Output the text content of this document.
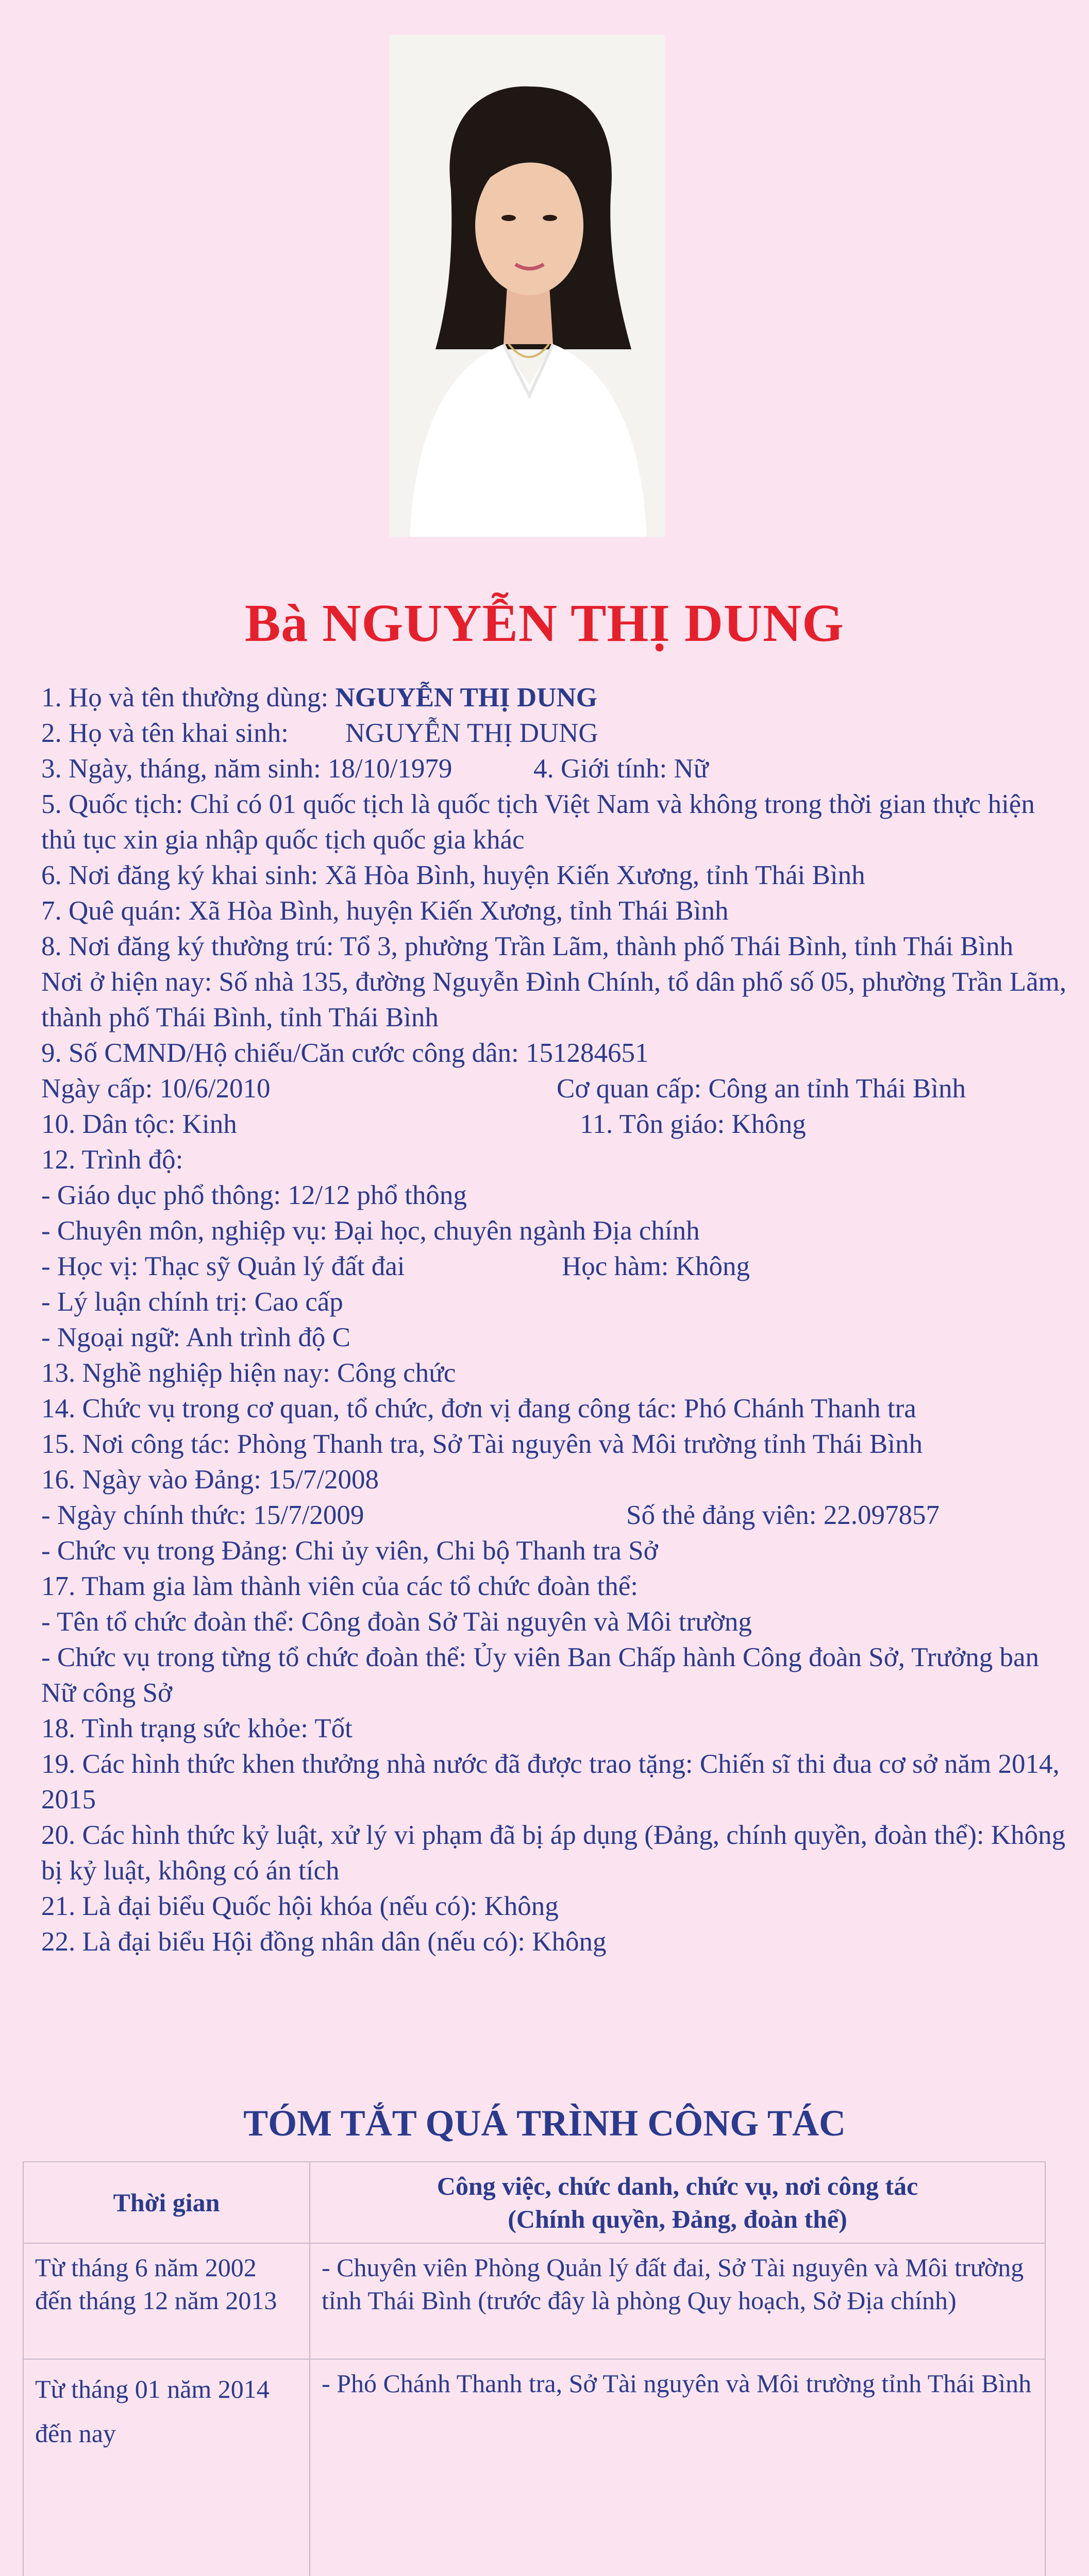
Bà NGUYỄN THỊ DUNG
1. Họ và tên thường dùng: NGUYỄN THỊ DUNG
2. Họ và tên khai sinh: NGUYỄN THỊ DUNG
3. Ngày, tháng, năm sinh: 18/10/1979	4. Giới tính: Nữ
5. Quốc tịch: Chỉ có 01 quốc tịch là quốc tịch Việt Nam và không trong thời gian thực hiện thủ tục xin gia nhập quốc tịch quốc gia khác
6. Nơi đăng ký khai sinh: Xã Hòa Bình, huyện Kiến Xương, tỉnh Thái Bình
7. Quê quán: Xã Hòa Bình, huyện Kiến Xương, tỉnh Thái Bình
8. Nơi đăng ký thường trú: Tổ 3, phường Trần Lãm, thành phố Thái Bình, tỉnh Thái Bình
Nơi ở hiện nay: Số nhà 135, đường Nguyễn Đình Chính, tổ dân phố số 05, phường Trần Lãm, thành phố Thái Bình, tỉnh Thái Bình
9. Số CMND/Hộ chiếu/Căn cước công dân: 151284651
Ngày cấp: 10/6/2010	Cơ quan cấp: Công an tỉnh Thái Bình
10. Dân tộc: Kinh	11. Tôn giáo: Không
12. Trình độ:
- Giáo dục phổ thông: 12/12 phổ thông
- Chuyên môn, nghiệp vụ: Đại học, chuyên ngành Địa chính
- Học vị: Thạc sỹ Quản lý đất đai	Học hàm: Không
- Lý luận chính trị: Cao cấp
- Ngoại ngữ: Anh trình độ C
13. Nghề nghiệp hiện nay: Công chức
14. Chức vụ trong cơ quan, tổ chức, đơn vị đang công tác: Phó Chánh Thanh tra
15. Nơi công tác: Phòng Thanh tra, Sở Tài nguyên và Môi trường tỉnh Thái Bình
16. Ngày vào Đảng: 15/7/2008
- Ngày chính thức: 15/7/2009	Số thẻ đảng viên: 22.097857
- Chức vụ trong Đảng: Chi ủy viên, Chi bộ Thanh tra Sở
17. Tham gia làm thành viên của các tổ chức đoàn thể:
- Tên tổ chức đoàn thể: Công đoàn Sở Tài nguyên và Môi trường
- Chức vụ trong từng tổ chức đoàn thể: Ủy viên Ban Chấp hành Công đoàn Sở, Trưởng ban Nữ công Sở
18. Tình trạng sức khỏe: Tốt
19. Các hình thức khen thưởng nhà nước đã được trao tặng: Chiến sĩ thi đua cơ sở năm 2014, 2015
20. Các hình thức kỷ luật, xử lý vi phạm đã bị áp dụng (Đảng, chính quyền, đoàn thể): Không bị kỷ luật, không có án tích
21. Là đại biểu Quốc hội khóa (nếu có): Không
22. Là đại biểu Hội đồng nhân dân (nếu có): Không
TÓM TẮT QUÁ TRÌNH CÔNG TÁC
Thời gian	Công việc, chức danh, chức vụ, nơi công tác
(Chính quyền, Đảng, đoàn thể)

Từ tháng 6 năm 2002 đến tháng 12 năm 2013	- Chuyên viên Phòng Quản lý đất đai, Sở Tài nguyên và Môi trường tỉnh Thái Bình (trước đây là phòng Quy hoạch, Sở Địa chính)
Từ tháng 01 năm 2014 đến nay	- Phó Chánh Thanh tra, Sở Tài nguyên và Môi trường tỉnh Thái Bình
